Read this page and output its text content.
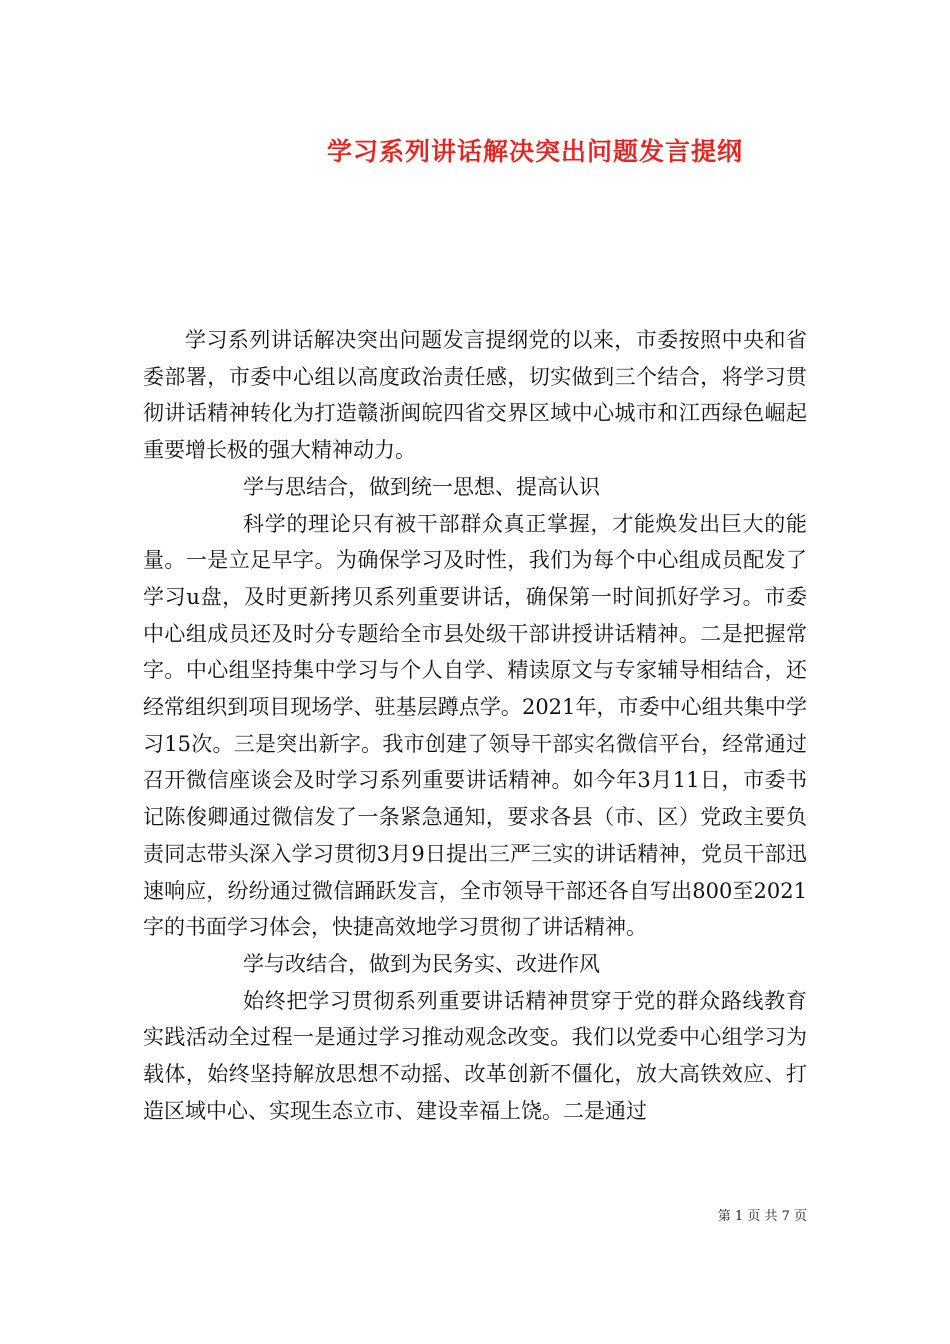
学习系列讲话解决突出问题发言提纲

学习系列讲话解决突出问题发言提纲党的以来，市委按照中央和省委部署，市委中心组以高度政治责任感，切实做到三个结合，将学习贯彻讲话精神转化为打造赣浙闽皖四省交界区域中心城市和江西绿色崛起重要增长极的强大精神动力。

学与思结合，做到统一思想、提高认识

科学的理论只有被干部群众真正掌握，才能焕发出巨大的能量。一是立足早字。为确保学习及时性，我们为每个中心组成员配发了学习u盘，及时更新拷贝系列重要讲话，确保第一时间抓好学习。市委中心组成员还及时分专题给全市县处级干部讲授讲话精神。二是把握常字。中心组坚持集中学习与个人自学、精读原文与专家辅导相结合，还经常组织到项目现场学、驻基层蹲点学。2021年，市委中心组共集中学习15次。三是突出新字。我市创建了领导干部实名微信平台，经常通过召开微信座谈会及时学习系列重要讲话精神。如今年3月11日，市委书记陈俊卿通过微信发了一条紧急通知，要求各县（市、区）党政主要负责同志带头深入学习贯彻3月9日提出三严三实的讲话精神，党员干部迅速响应，纷纷通过微信踊跃发言，全市领导干部还各自写出800至2021字的书面学习体会，快捷高效地学习贯彻了讲话精神。

学与改结合，做到为民务实、改进作风

始终把学习贯彻系列重要讲话精神贯穿于党的群众路线教育实践活动全过程一是通过学习推动观念改变。我们以党委中心组学习为载体，始终坚持解放思想不动摇、改革创新不僵化，放大高铁效应、打造区域中心、实现生态立市、建设幸福上饶。二是通过

第 1 页 共 7 页
